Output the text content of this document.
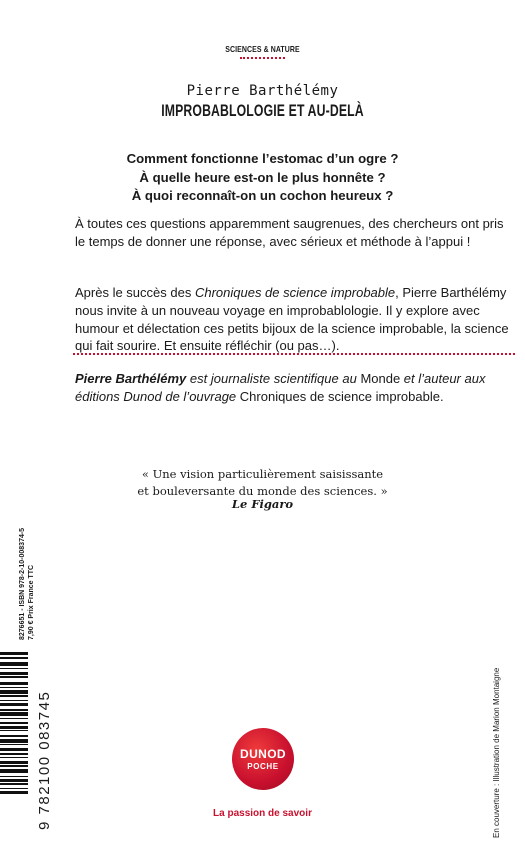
SCIENCES & NATURE
Pierre Barthélémy
IMPROBABLOLOGIE ET AU-DELÀ
Comment fonctionne l’estomac d’un ogre ?
À quelle heure est-on le plus honnête ?
À quoi reconnaît-on un cochon heureux ?
À toutes ces questions apparemment saugrenues, des chercheurs ont pris le temps de donner une réponse, avec sérieux et méthode à l’appui !
Après le succès des Chroniques de science improbable, Pierre Barthélémy nous invite à un nouveau voyage en improbablologie. Il y explore avec humour et délectation ces petits bijoux de la science improbable, la science qui fait sourire. Et ensuite réfléchir (ou pas…).
Pierre Barthélémy est journaliste scientifique au Monde et l’auteur aux éditions Dunod de l’ouvrage Chroniques de science improbable.
« Une vision particulièrement saisissante
et bouleversante du monde des sciences. »
Le Figaro
8276651 - ISBN 978-2-10-008374-5 7,90 € Prix France TTC
9 782100 083745	En couverture : Illustration de Marion Montaigne
DUNOD
POCHE
La passion de savoir
